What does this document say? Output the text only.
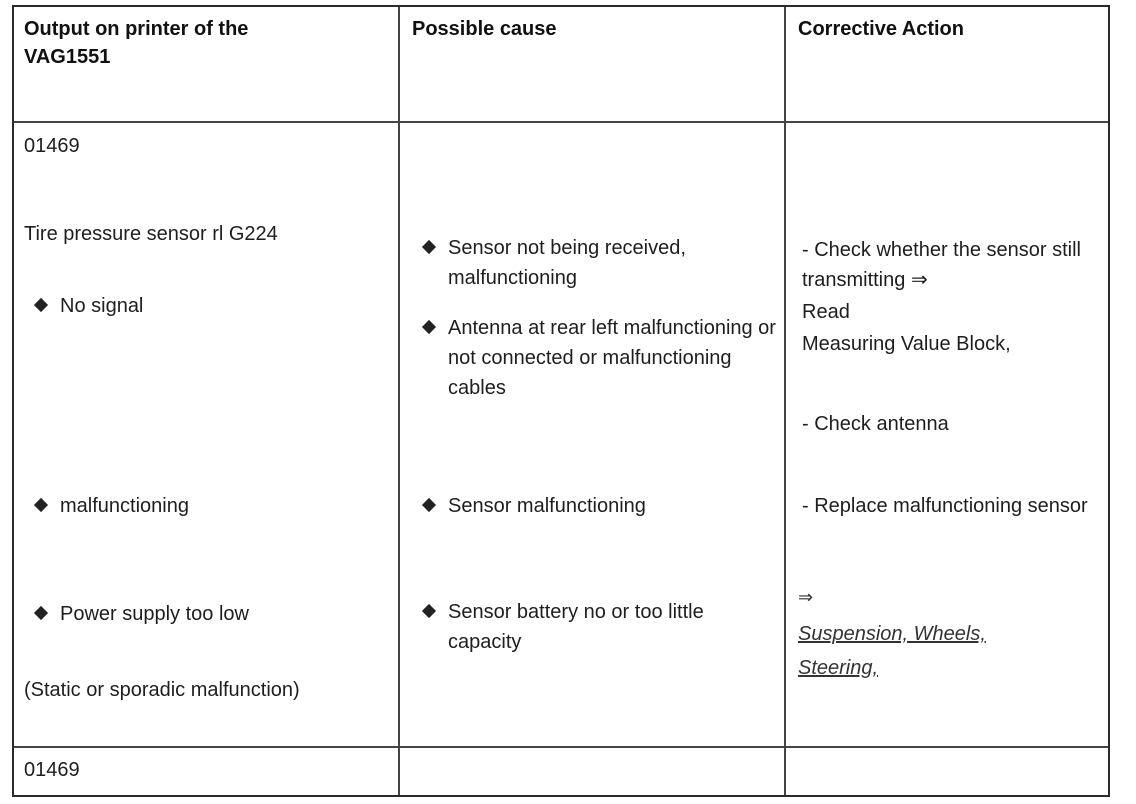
Output on printer of the VAG1551
Possible cause	Corrective Action
01469
Tire pressure sensor rl G224
No signal
malfunctioning
Power supply too low
(Static or sporadic malfunction)
Sensor not being received, malfunctioning
Antenna at rear left malfunctioning or not connected or malfunctioning cables
Sensor malfunctioning
Sensor battery no or too little capacity
- Check whether the sensor still transmitting ⇒
Read
Measuring Value Block,
- Check antenna
- Replace malfunctioning sensor
⇒
Suspension, Wheels,
Steering,
01469
